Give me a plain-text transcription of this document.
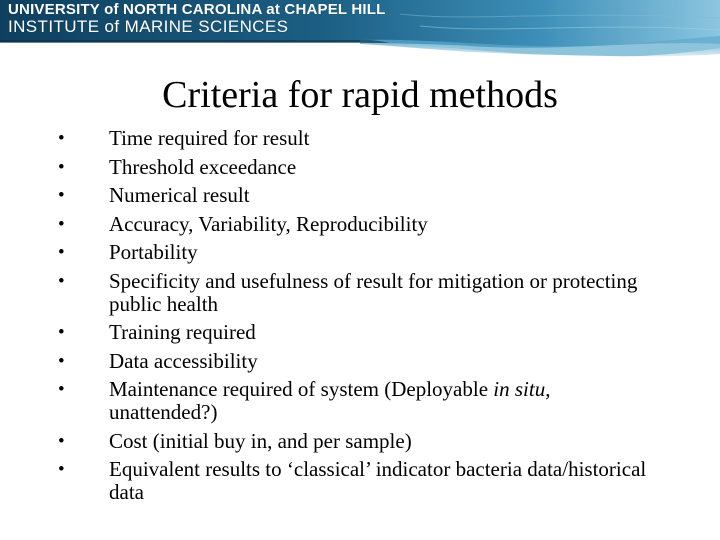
UNIVERSITY of NORTH CAROLINA at CHAPEL HILL
INSTITUTE of MARINE SCIENCES
Criteria for rapid methods
• Time required for result
• Threshold exceedance
• Numerical result
• Accuracy, Variability, Reproducibility
• Portability
• Specificity and usefulness of result for mitigation or protecting public health
• Training required
• Data accessibility
• Maintenance required of system (Deployable in situ, unattended?)
• Cost (initial buy in, and per sample)
• Equivalent results to ‘classical’ indicator bacteria data/historical data
